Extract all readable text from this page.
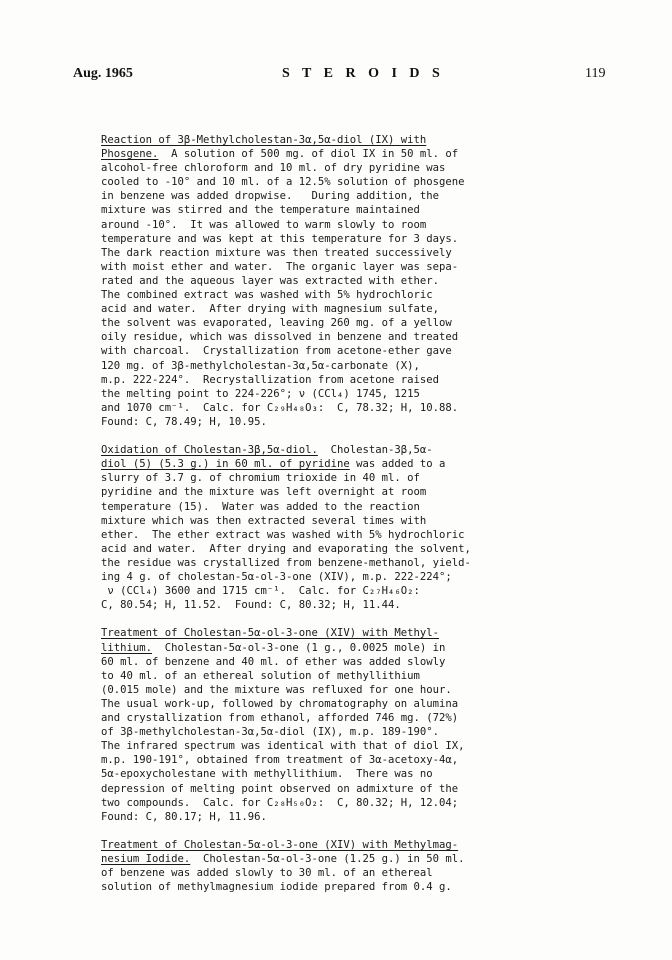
Aug. 1965	S T E R O I D S	119
Reaction of 3β-Methylcholestan-3α,5α-diol (IX) with
Phosgene.  A solution of 500 mg. of diol IX in 50 ml. of
alcohol-free chloroform and 10 ml. of dry pyridine was
cooled to -10° and 10 ml. of a 12.5% solution of phosgene
in benzene was added dropwise.   During addition, the
mixture was stirred and the temperature maintained
around -10°.  It was allowed to warm slowly to room
temperature and was kept at this temperature for 3 days.
The dark reaction mixture was then treated successively
with moist ether and water.  The organic layer was sepa-
rated and the aqueous layer was extracted with ether.
The combined extract was washed with 5% hydrochloric
acid and water.  After drying with magnesium sulfate,
the solvent was evaporated, leaving 260 mg. of a yellow
oily residue, which was dissolved in benzene and treated
with charcoal.  Crystallization from acetone-ether gave
120 mg. of 3β-methylcholestan-3α,5α-carbonate (X),
m.p. 222-224°.  Recrystallization from acetone raised
the melting point to 224-226°; ν (CCl₄) 1745, 1215
and 1070 cm⁻¹.  Calc. for C₂₉H₄₈O₃:  C, 78.32; H, 10.88.
Found: C, 78.49; H, 10.95.
Oxidation of Cholestan-3β,5α-diol.  Cholestan-3β,5α-
diol (5) (5.3 g.) in 60 ml. of pyridine was added to a
slurry of 3.7 g. of chromium trioxide in 40 ml. of
pyridine and the mixture was left overnight at room
temperature (15).  Water was added to the reaction
mixture which was then extracted several times with
ether.  The ether extract was washed with 5% hydrochloric
acid and water.  After drying and evaporating the solvent,
the residue was crystallized from benzene-methanol, yield-
ing 4 g. of cholestan-5α-ol-3-one (XIV), m.p. 222-224°;
ν (CCl₄) 3600 and 1715 cm⁻¹.  Calc. for C₂₇H₄₆O₂:
C, 80.54; H, 11.52.  Found: C, 80.32; H, 11.44.
Treatment of Cholestan-5α-ol-3-one (XIV) with Methyl-
lithium.  Cholestan-5α-ol-3-one (1 g., 0.0025 mole) in
60 ml. of benzene and 40 ml. of ether was added slowly
to 40 ml. of an ethereal solution of methyllithium
(0.015 mole) and the mixture was refluxed for one hour.
The usual work-up, followed by chromatography on alumina
and crystallization from ethanol, afforded 746 mg. (72%)
of 3β-methylcholestan-3α,5α-diol (IX), m.p. 189-190°.
The infrared spectrum was identical with that of diol IX,
m.p. 190-191°, obtained from treatment of 3α-acetoxy-4α,
5α-epoxycholestane with methyllithium.  There was no
depression of melting point observed on admixture of the
two compounds.  Calc. for C₂₈H₅₀O₂:  C, 80.32; H, 12.04;
Found: C, 80.17; H, 11.96.
Treatment of Cholestan-5α-ol-3-one (XIV) with Methylmag-
nesium Iodide.  Cholestan-5α-ol-3-one (1.25 g.) in 50 ml.
of benzene was added slowly to 30 ml. of an ethereal
solution of methylmagnesium iodide prepared from 0.4 g.
